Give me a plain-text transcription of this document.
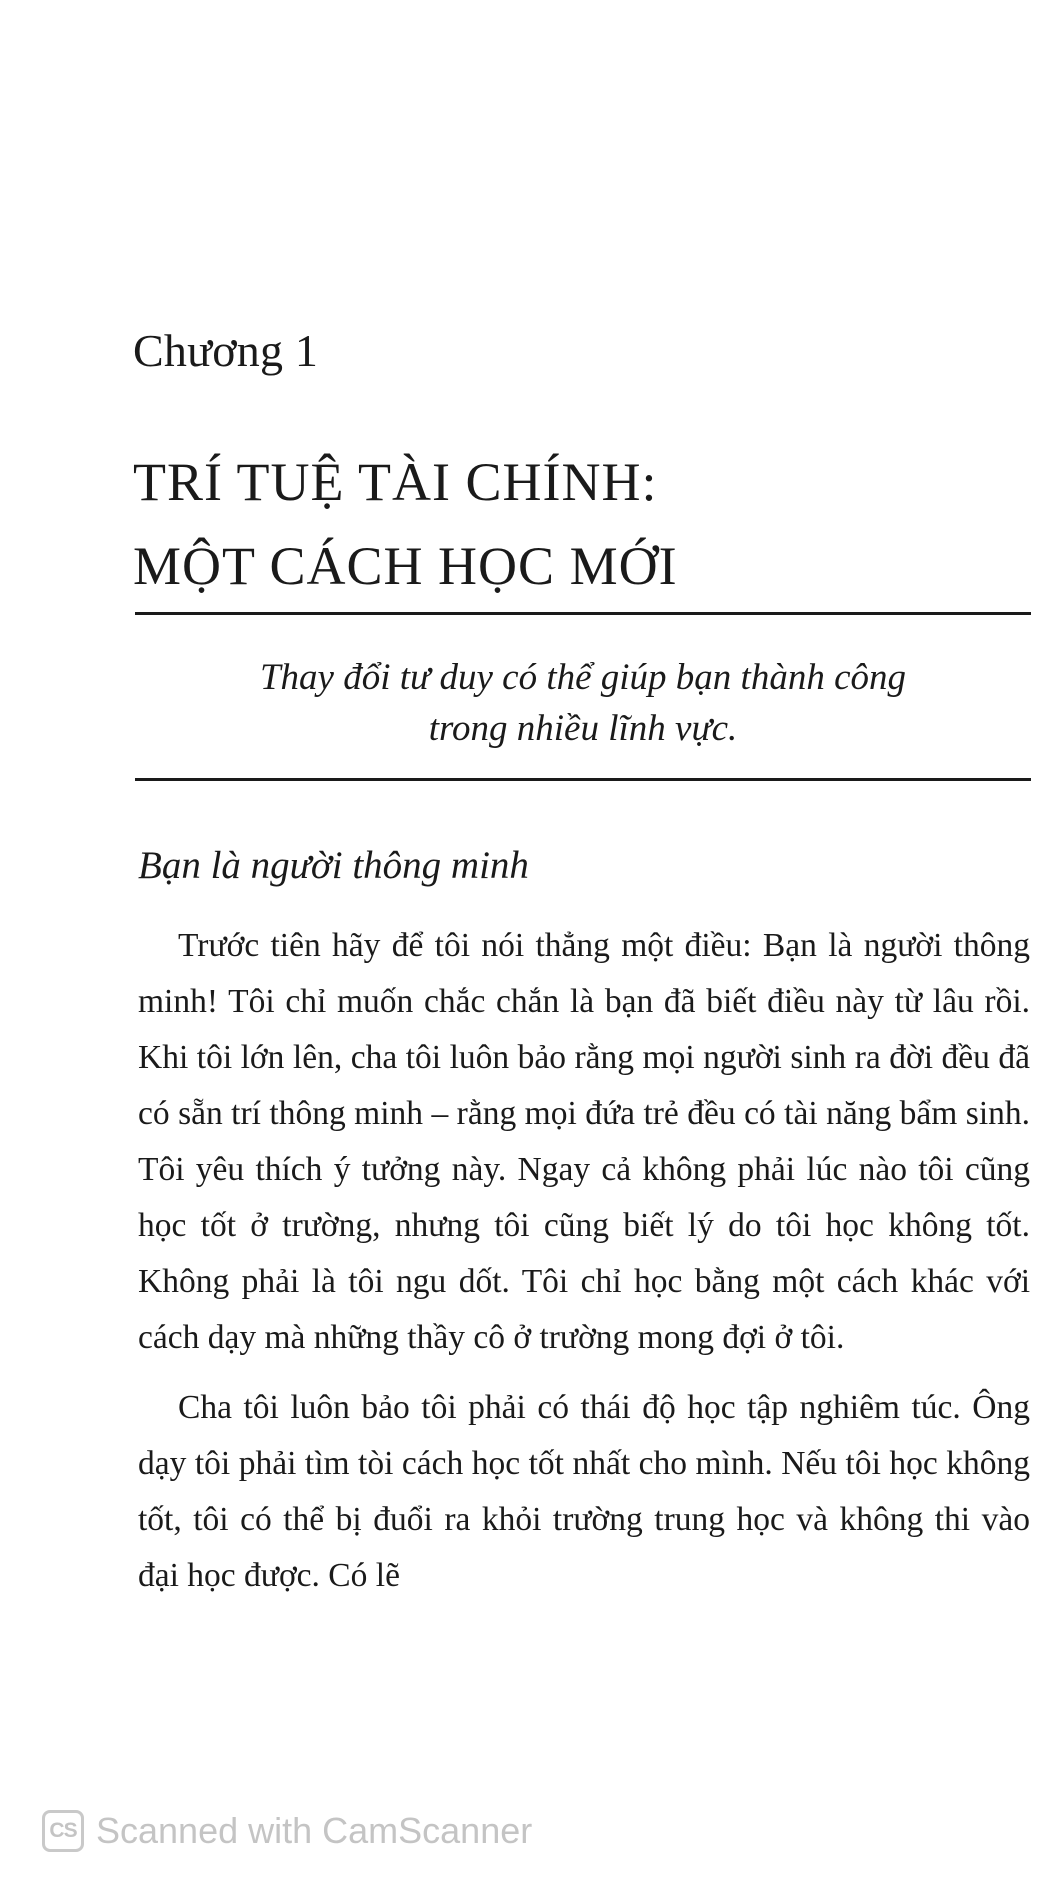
Chương 1
TRÍ TUỆ TÀI CHÍNH:
MỘT CÁCH HỌC MỚI
Thay đổi tư duy có thể giúp bạn thành công
trong nhiều lĩnh vực.
Bạn là người thông minh

Trước tiên hãy để tôi nói thẳng một điều: Bạn là người thông minh! Tôi chỉ muốn chắc chắn là bạn đã biết điều này từ lâu rồi. Khi tôi lớn lên, cha tôi luôn bảo rằng mọi người sinh ra đời đều đã có sẵn trí thông minh – rằng mọi đứa trẻ đều có tài năng bẩm sinh. Tôi yêu thích ý tưởng này. Ngay cả không phải lúc nào tôi cũng học tốt ở trường, nhưng tôi cũng biết lý do tôi học không tốt. Không phải là tôi ngu dốt. Tôi chỉ học bằng một cách khác với cách dạy mà những thầy cô ở trường mong đợi ở tôi.

Cha tôi luôn bảo tôi phải có thái độ học tập nghiêm túc. Ông dạy tôi phải tìm tòi cách học tốt nhất cho mình. Nếu tôi học không tốt, tôi có thể bị đuổi ra khỏi trường trung học và không thi vào đại học được. Có lẽ

CS Scanned with CamScanner
